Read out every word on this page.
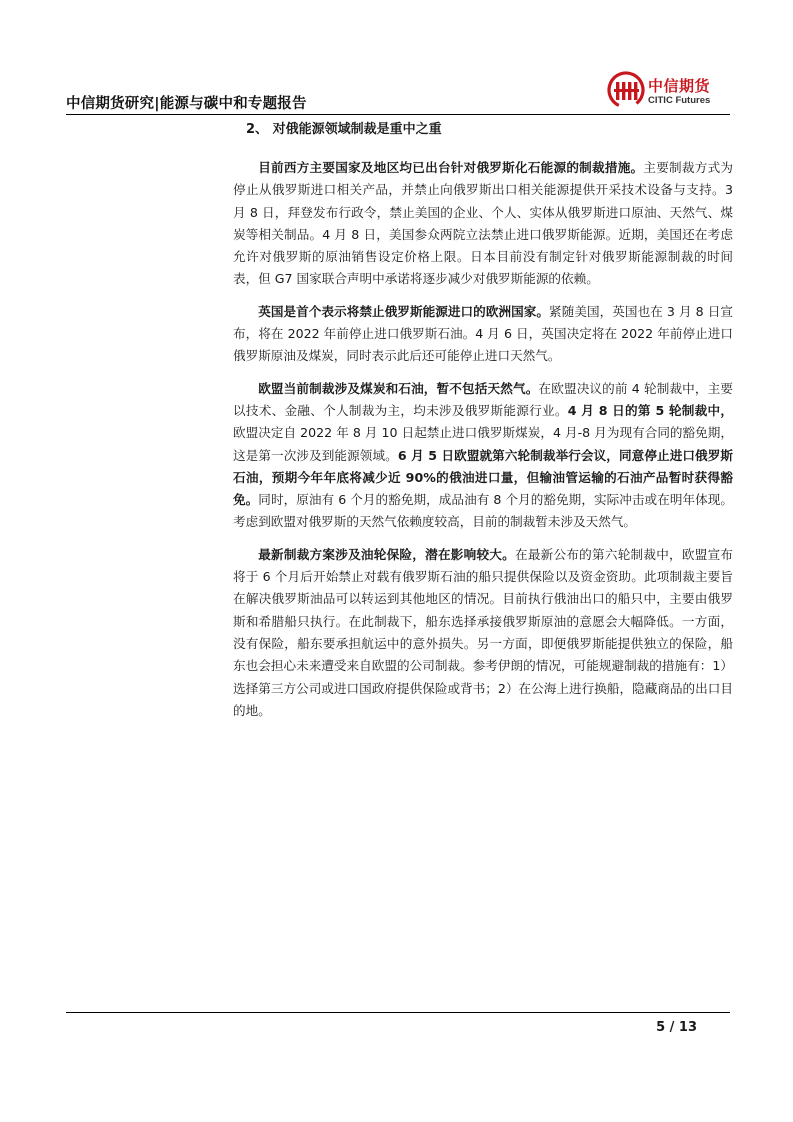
中信期货研究|能源与碳中和专题报告
中信期货
CITIC Futures
2、 对俄能源领域制裁是重中之重

目前西方主要国家及地区均已出台针对俄罗斯化石能源的制裁措施。主要制裁方式为停止从俄罗斯进口相关产品，并禁止向俄罗斯出口相关能源提供开采技术设备与支持。3 月 8 日，拜登发布行政令，禁止美国的企业、个人、实体从俄罗斯进口原油、天然气、煤炭等相关制品。4 月 8 日，美国参众两院立法禁止进口俄罗斯能源。近期，美国还在考虑允许对俄罗斯的原油销售设定价格上限。日本目前没有制定针对俄罗斯能源制裁的时间表，但 G7 国家联合声明中承诺将逐步减少对俄罗斯能源的依赖。

英国是首个表示将禁止俄罗斯能源进口的欧洲国家。紧随美国，英国也在 3 月 8 日宣布，将在 2022 年前停止进口俄罗斯石油。4 月 6 日，英国决定将在 2022 年前停止进口俄罗斯原油及煤炭，同时表示此后还可能停止进口天然气。

欧盟当前制裁涉及煤炭和石油，暂不包括天然气。在欧盟决议的前 4 轮制裁中，主要以技术、金融、个人制裁为主，均未涉及俄罗斯能源行业。4 月 8 日的第 5 轮制裁中，欧盟决定自 2022 年 8 月 10 日起禁止进口俄罗斯煤炭，4 月-8 月为现有合同的豁免期，这是第一次涉及到能源领域。6 月 5 日欧盟就第六轮制裁举行会议，同意停止进口俄罗斯石油，预期今年年底将减少近 90%的俄油进口量，但输油管运输的石油产品暂时获得豁免。同时，原油有 6 个月的豁免期，成品油有 8 个月的豁免期，实际冲击或在明年体现。考虑到欧盟对俄罗斯的天然气依赖度较高，目前的制裁暂未涉及天然气。

最新制裁方案涉及油轮保险，潜在影响较大。在最新公布的第六轮制裁中，欧盟宣布将于 6 个月后开始禁止对载有俄罗斯石油的船只提供保险以及资金资助。此项制裁主要旨在解决俄罗斯油品可以转运到其他地区的情况。目前执行俄油出口的船只中，主要由俄罗斯和希腊船只执行。在此制裁下，船东选择承接俄罗斯原油的意愿会大幅降低。一方面，没有保险，船东要承担航运中的意外损失。另一方面，即便俄罗斯能提供独立的保险，船东也会担心未来遭受来自欧盟的公司制裁。参考伊朗的情况，可能规避制裁的措施有：1）选择第三方公司或进口国政府提供保险或背书；2）在公海上进行换船，隐藏商品的出口目的地。

5 / 13
